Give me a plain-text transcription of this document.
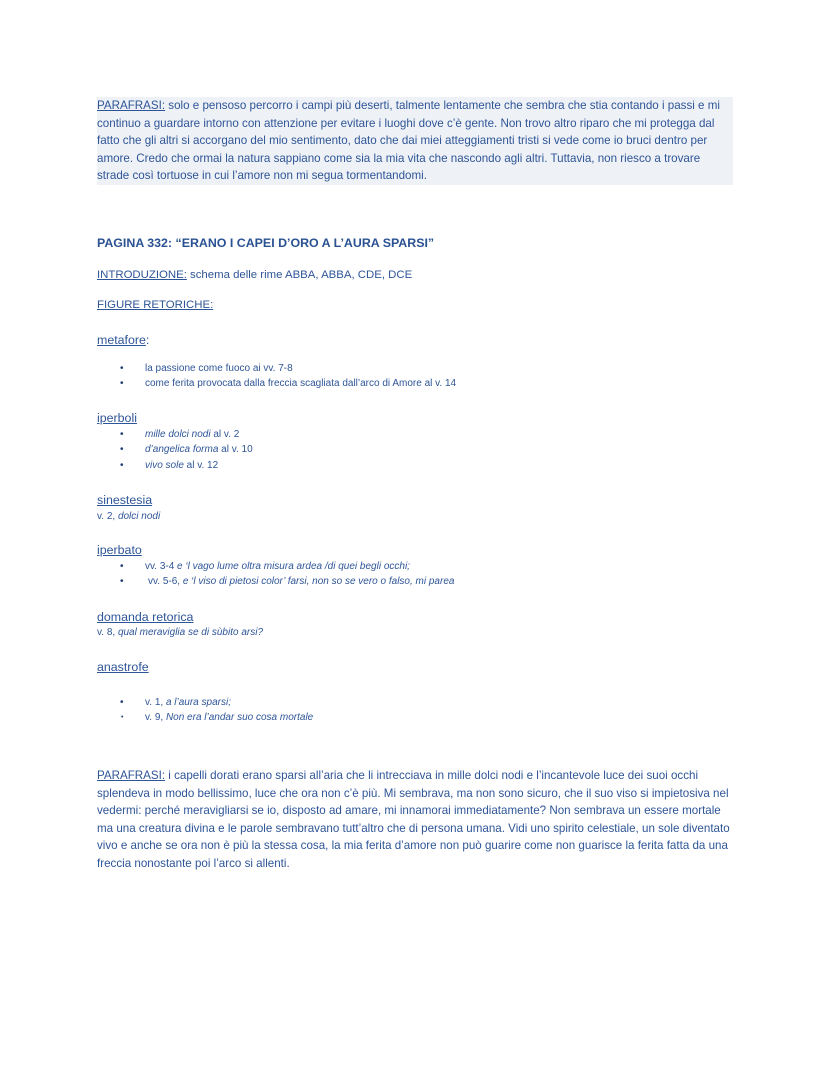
PARAFRASI: solo e pensoso percorro i campi più deserti, talmente lentamente che sembra che stia contando i passi e mi continuo a guardare intorno con attenzione per evitare i luoghi dove c’è gente. Non trovo altro riparo che mi protegga dal fatto che gli altri si accorgano del mio sentimento, dato che dai miei atteggiamenti tristi si vede come io bruci dentro per amore. Credo che ormai la natura sappiano come sia la mia vita che nascondo agli altri. Tuttavia, non riesco a trovare strade così tortuose in cui l’amore non mi segua tormentandomi.

PAGINA 332: “ERANO I CAPEI D’ORO A L’AURA SPARSI”

INTRODUZIONE: schema delle rime ABBA, ABBA, CDE, DCE

FIGURE RETORICHE:

metafore:

• la passione come fuoco ai vv. 7-8
• come ferita provocata dalla freccia scagliata dall’arco di Amore al v. 14

iperboli

• mille dolci nodi al v. 2
• d’angelica forma al v. 10
• vivo sole al v. 12

sinestesia

v. 2, dolci nodi

iperbato

• vv. 3-4 e ‘l vago lume oltra misura ardea /di quei begli occhi;
• vv. 5-6, e ‘l viso di pietosi color’ farsi, non so se vero o falso, mi parea

domanda retorica

v. 8, qual meraviglia se di sùbito arsi?

anastrofe

• v. 1, a l’aura sparsi;
• v. 9, Non era l’andar suo cosa mortale

PARAFRASI: i capelli dorati erano sparsi all’aria che li intrecciava in mille dolci nodi e l’incantevole luce dei suoi occhi splendeva in modo bellissimo, luce che ora non c’è più. Mi sembrava, ma non sono sicuro, che il suo viso si impietosiva nel vedermi: perché meravigliarsi se io, disposto ad amare, mi innamorai immediatamente? Non sembrava un essere mortale ma una creatura divina e le parole sembravano tutt’altro che di persona umana. Vidi uno spirito celestiale, un sole diventato vivo e anche se ora non è più la stessa cosa, la mia ferita d’amore non può guarire come non guarisce la ferita fatta da una freccia nonostante poi l’arco si allenti.
